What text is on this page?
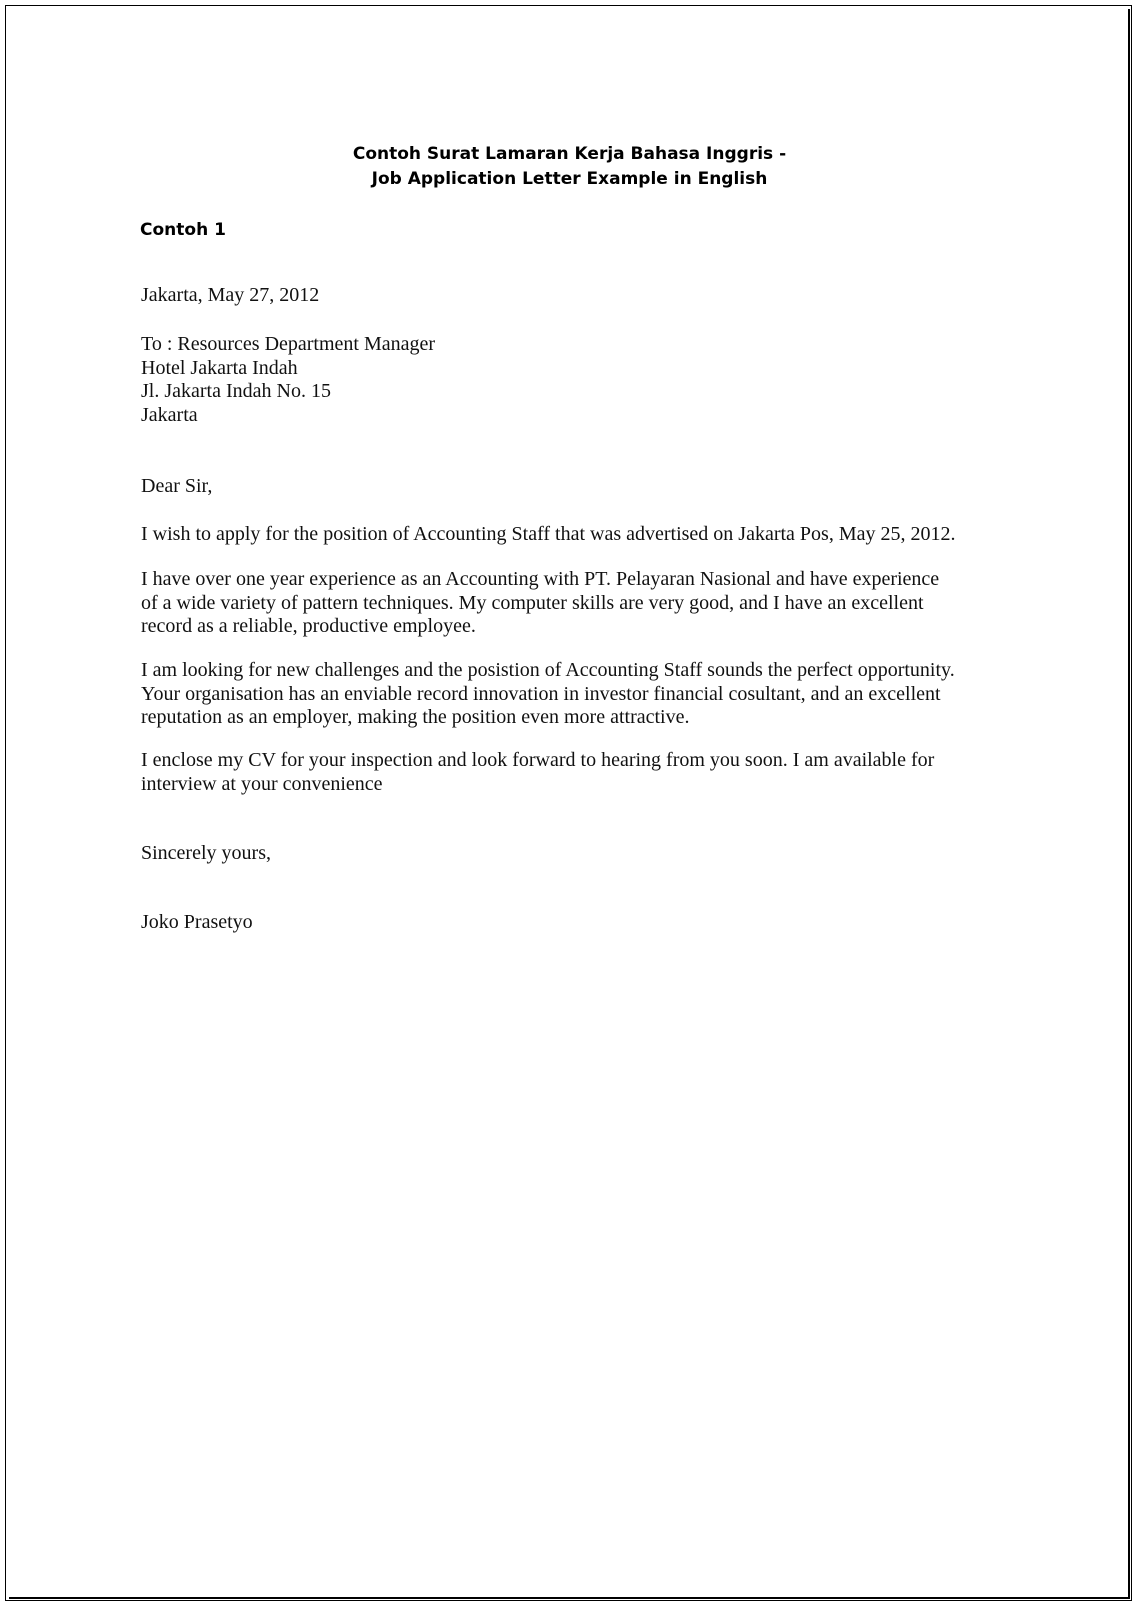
Contoh Surat Lamaran Kerja Bahasa Inggris -
Job Application Letter Example in English
Contoh 1
Jakarta, May 27, 2012
To : Resources Department Manager
Hotel Jakarta Indah
Jl. Jakarta Indah No. 15
Jakarta
Dear Sir,
I wish to apply for the position of Accounting Staff that was advertised on Jakarta Pos, May 25, 2012.
I have over one year experience as an Accounting with PT. Pelayaran Nasional and have experience
of a wide variety of pattern techniques. My computer skills are very good, and I have an excellent
record as a reliable, productive employee.
I am looking for new challenges and the posistion of Accounting Staff sounds the perfect opportunity.
Your organisation has an enviable record innovation in investor financial cosultant, and an excellent
reputation as an employer, making the position even more attractive.
I enclose my CV for your inspection and look forward to hearing from you soon. I am available for
interview at your convenience
Sincerely yours,
Joko Prasetyo
